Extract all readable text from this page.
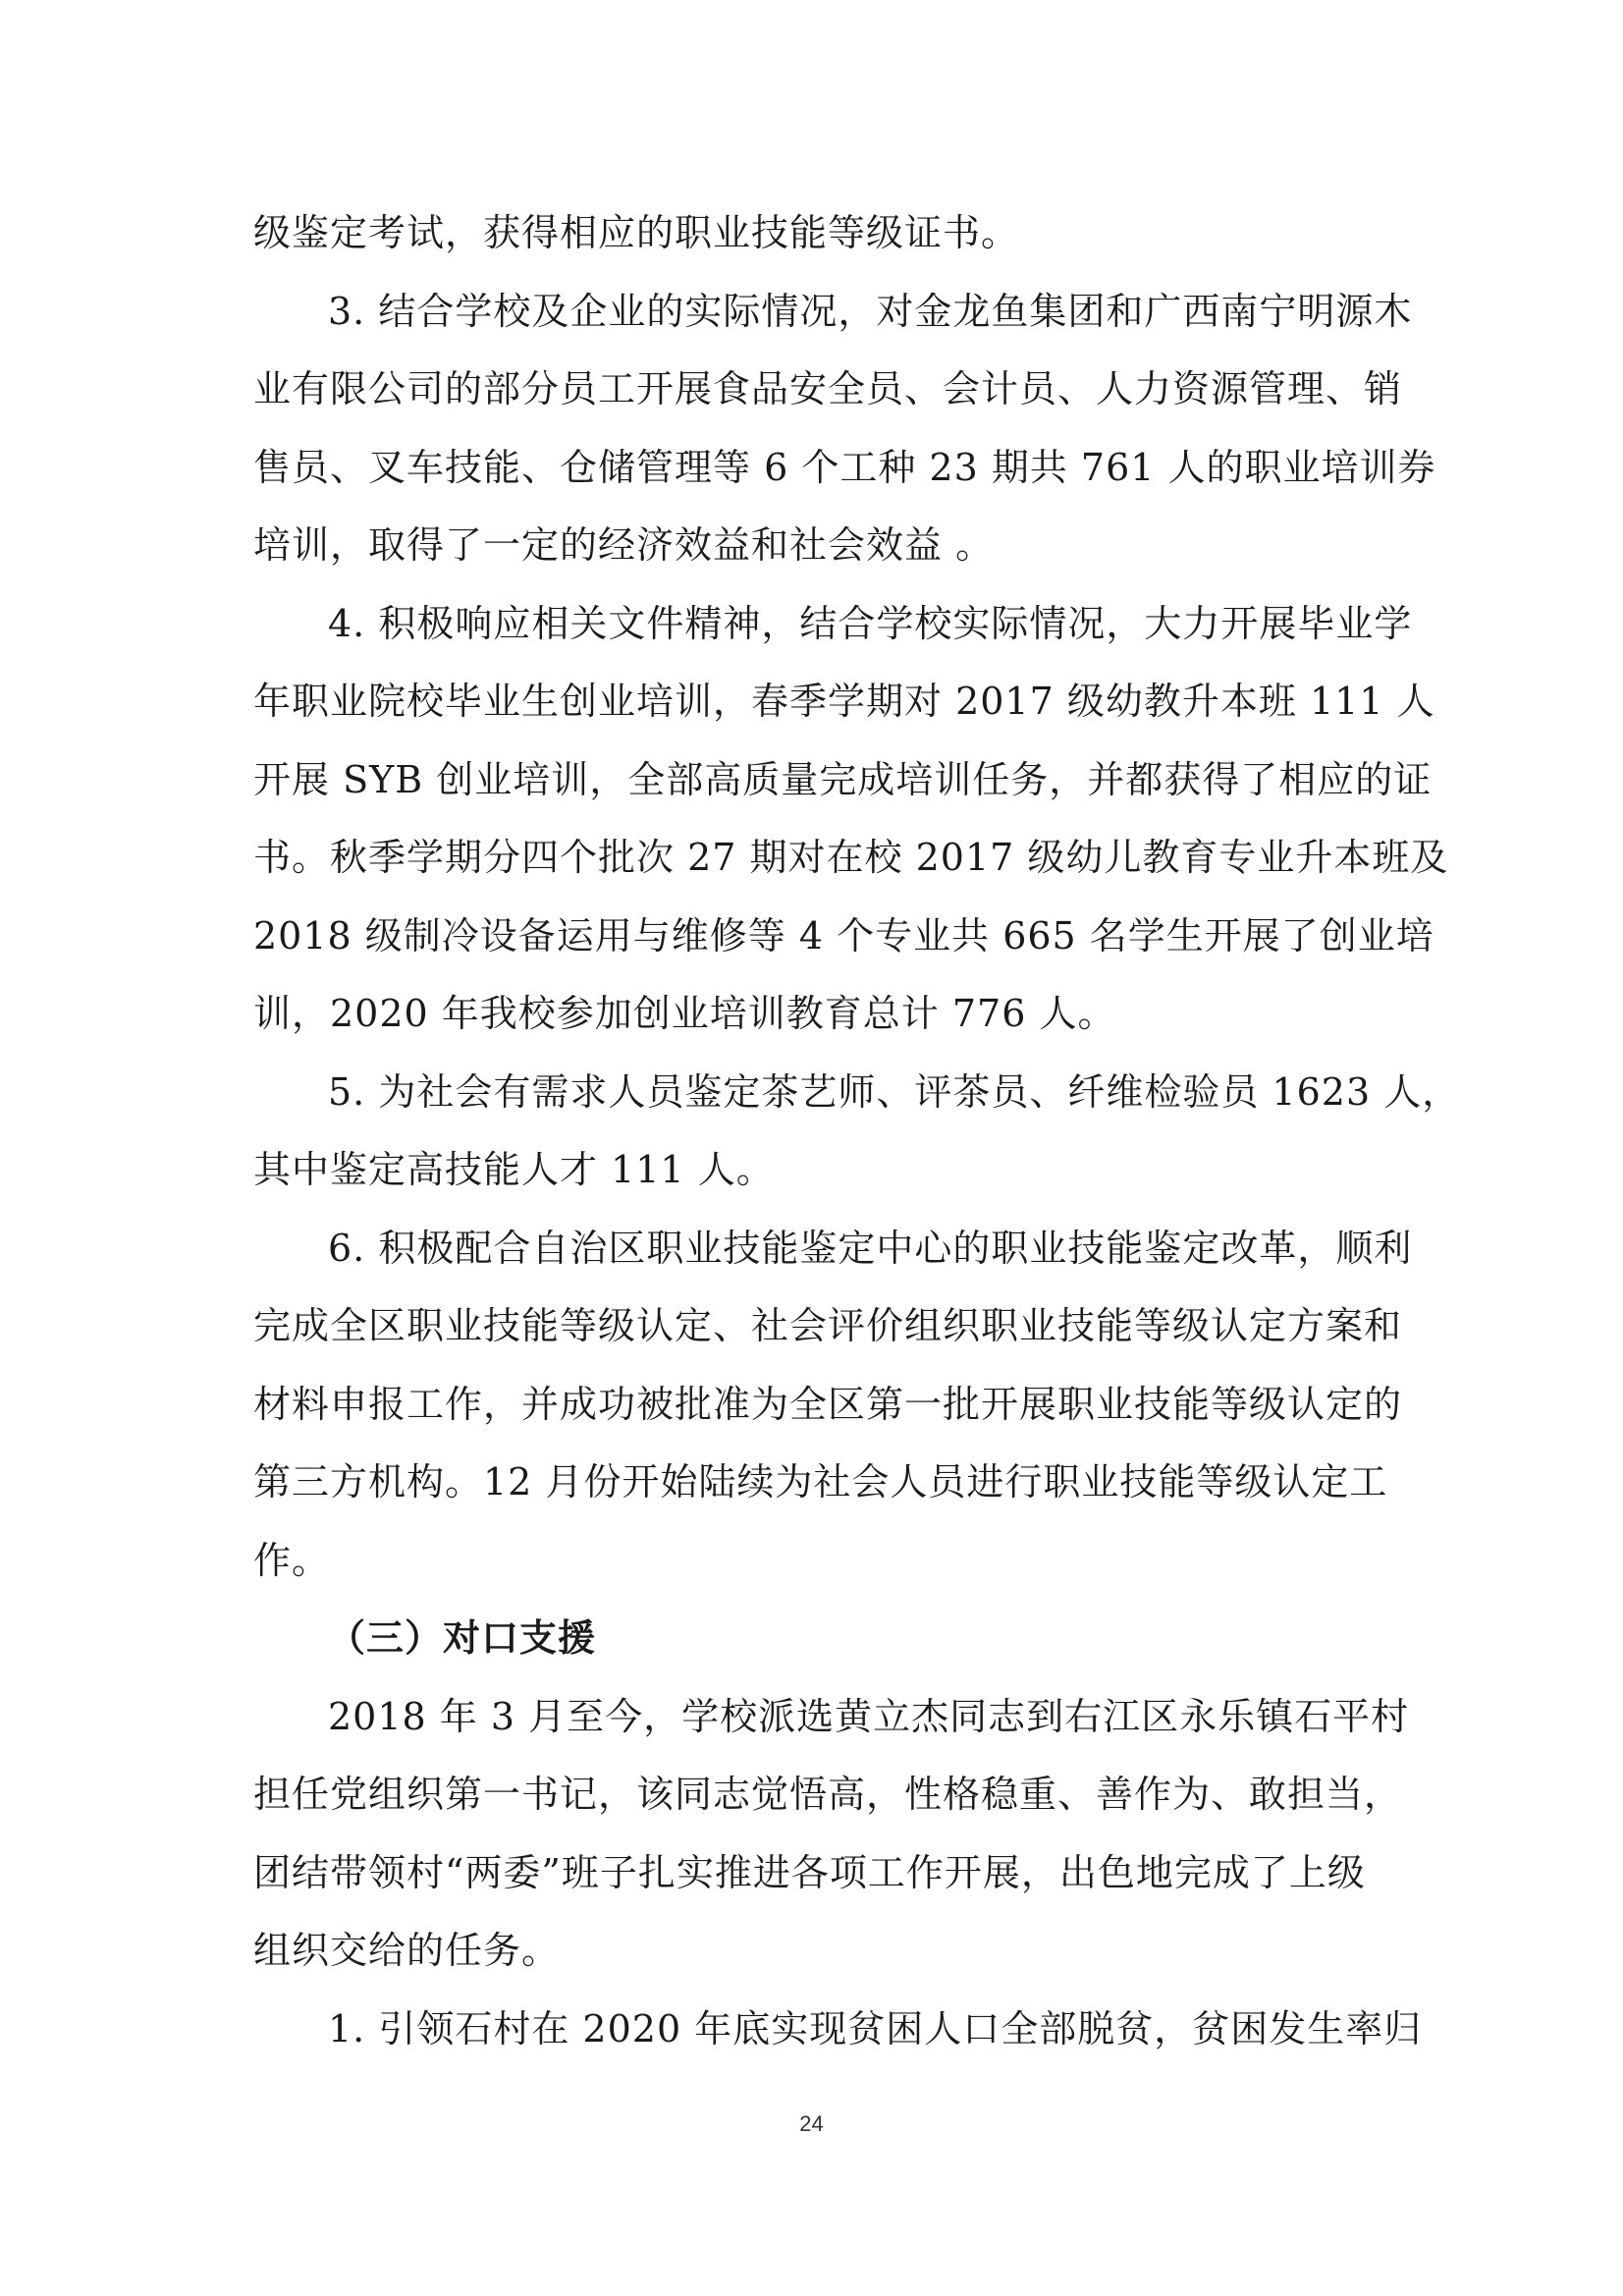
级鉴定考试，获得相应的职业技能等级证书。
3. 结合学校及企业的实际情况，对金龙鱼集团和广西南宁明源木
业有限公司的部分员工开展食品安全员、会计员、人力资源管理、销
售员、叉车技能、仓储管理等 6 个工种 23 期共 761 人的职业培训券
培训，取得了一定的经济效益和社会效益 。
4. 积极响应相关文件精神，结合学校实际情况，大力开展毕业学
年职业院校毕业生创业培训，春季学期对 2017 级幼教升本班 111 人
开展 SYB 创业培训，全部高质量完成培训任务，并都获得了相应的证
书。秋季学期分四个批次 27 期对在校 2017 级幼儿教育专业升本班及
2018 级制冷设备运用与维修等 4 个专业共 665 名学生开展了创业培
训，2020 年我校参加创业培训教育总计 776 人。
5. 为社会有需求人员鉴定茶艺师、评茶员、纤维检验员 1623 人，
其中鉴定高技能人才 111 人。
6. 积极配合自治区职业技能鉴定中心的职业技能鉴定改革，顺利
完成全区职业技能等级认定、社会评价组织职业技能等级认定方案和
材料申报工作，并成功被批准为全区第一批开展职业技能等级认定的
第三方机构。12 月份开始陆续为社会人员进行职业技能等级认定工
作。
（三）对口支援
2018 年 3 月至今，学校派选黄立杰同志到右江区永乐镇石平村
担任党组织第一书记，该同志觉悟高，性格稳重、善作为、敢担当，
团结带领村“两委”班子扎实推进各项工作开展，出色地完成了上级
组织交给的任务。
1. 引领石村在 2020 年底实现贫困人口全部脱贫，贫困发生率归
24
